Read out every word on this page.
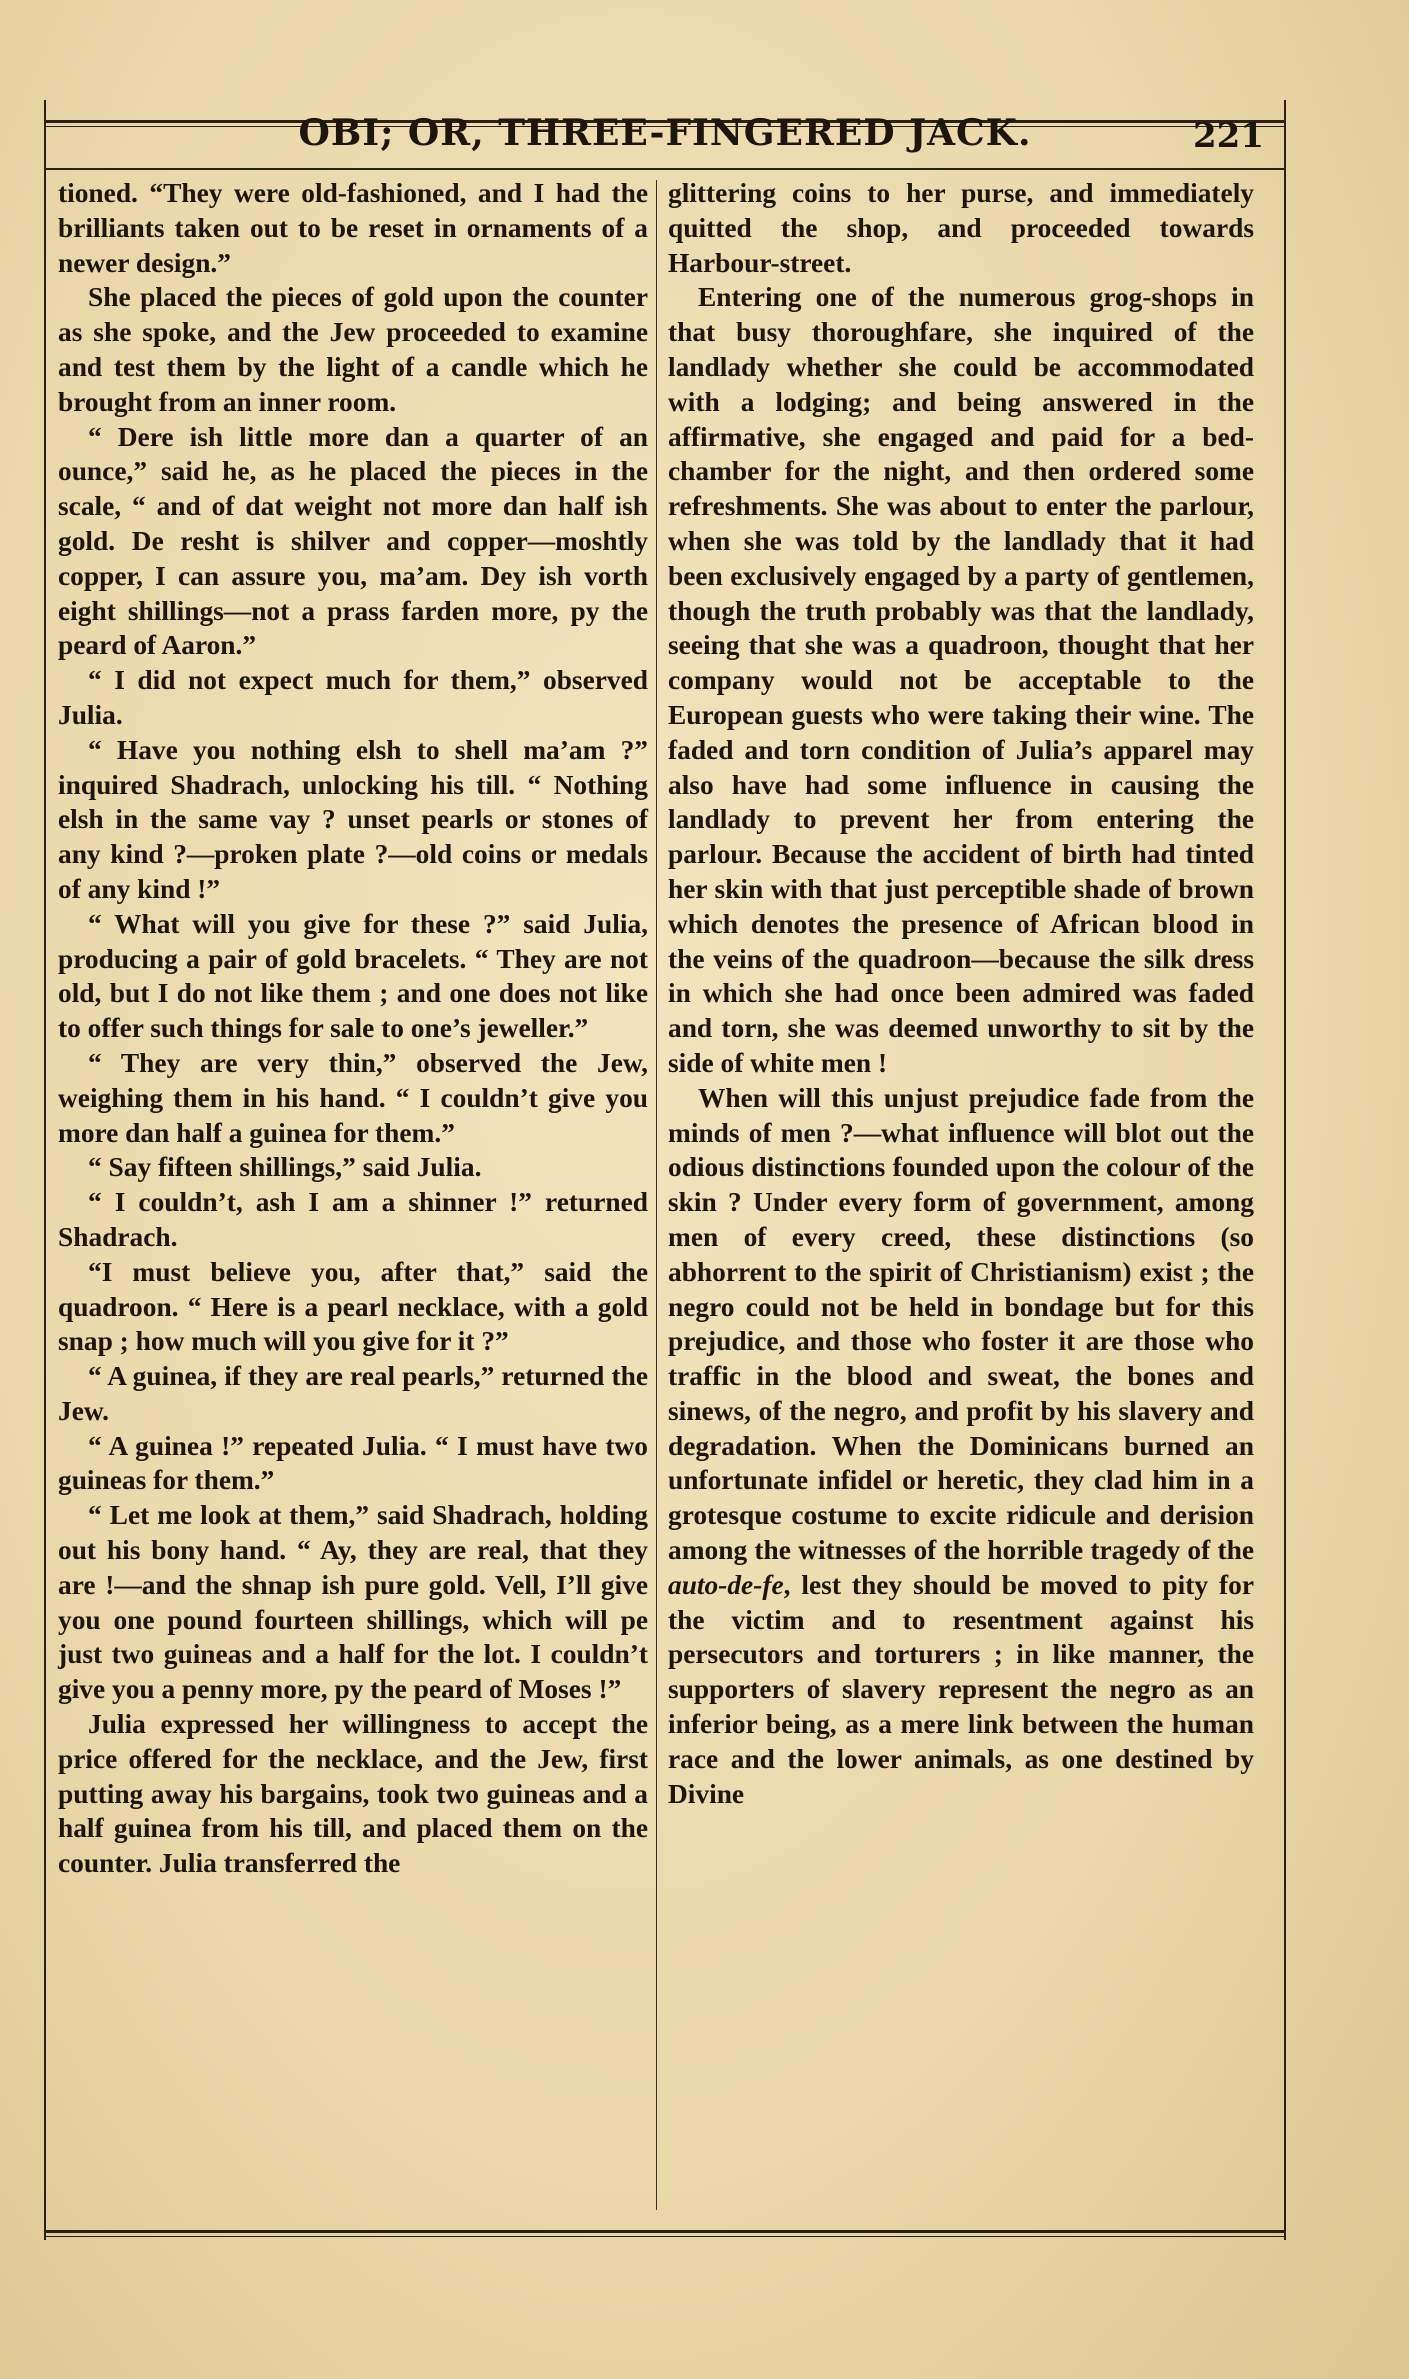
OBI; OR, THREE-FINGERED JACK.	221

tioned. “They were old-fashioned, and I had the brilliants taken out to be reset in ornaments of a newer design.”

She placed the pieces of gold upon the counter as she spoke, and the Jew proceeded to examine and test them by the light of a candle which he brought from an inner room.

“ Dere ish little more dan a quarter of an ounce,” said he, as he placed the pieces in the scale, “ and of dat weight not more dan half ish gold. De resht is shilver and copper—moshtly copper, I can assure you, ma’am. Dey ish vorth eight shillings—not a prass farden more, py the peard of Aaron.”

“ I did not expect much for them,” observed Julia.

“ Have you nothing elsh to shell ma’am ?” inquired Shadrach, unlocking his till. “ Nothing elsh in the same vay ? unset pearls or stones of any kind ?—proken plate ?—old coins or medals of any kind !”

“ What will you give for these ?” said Julia, producing a pair of gold bracelets. “ They are not old, but I do not like them ; and one does not like to offer such things for sale to one’s jeweller.”

“ They are very thin,” observed the Jew, weighing them in his hand. “ I couldn’t give you more dan half a guinea for them.”

“ Say fifteen shillings,” said Julia.

“ I couldn’t, ash I am a shinner !” returned Shadrach.

“I must believe you, after that,” said the quadroon. “ Here is a pearl necklace, with a gold snap ; how much will you give for it ?”

“ A guinea, if they are real pearls,” returned the Jew.

“ A guinea !” repeated Julia. “ I must have two guineas for them.”

“ Let me look at them,” said Shadrach, holding out his bony hand. “ Ay, they are real, that they are !—and the shnap ish pure gold. Vell, I’ll give you one pound fourteen shillings, which will pe just two guineas and a half for the lot. I couldn’t give you a penny more, py the peard of Moses !”

Julia expressed her willingness to accept the price offered for the necklace, and the Jew, first putting away his bargains, took two guineas and a half guinea from his till, and placed them on the counter. Julia transferred the

glittering coins to her purse, and immediately quitted the shop, and proceeded towards Harbour-street.

Entering one of the numerous grog-shops in that busy thoroughfare, she inquired of the landlady whether she could be accommodated with a lodging; and being answered in the affirmative, she engaged and paid for a bed-chamber for the night, and then ordered some refreshments. She was about to enter the parlour, when she was told by the landlady that it had been exclusively engaged by a party of gentlemen, though the truth probably was that the landlady, seeing that she was a quadroon, thought that her company would not be acceptable to the European guests who were taking their wine. The faded and torn condition of Julia’s apparel may also have had some influence in causing the landlady to prevent her from entering the parlour. Because the accident of birth had tinted her skin with that just perceptible shade of brown which denotes the presence of African blood in the veins of the quadroon—because the silk dress in which she had once been admired was faded and torn, she was deemed unworthy to sit by the side of white men !

When will this unjust prejudice fade from the minds of men ?—what influence will blot out the odious distinctions founded upon the colour of the skin ? Under every form of government, among men of every creed, these distinctions (so abhorrent to the spirit of Christianism) exist ; the negro could not be held in bondage but for this prejudice, and those who foster it are those who traffic in the blood and sweat, the bones and sinews, of the negro, and profit by his slavery and degradation. When the Dominicans burned an unfortunate infidel or heretic, they clad him in a grotesque costume to excite ridicule and derision among the witnesses of the horrible tragedy of the auto-de-fe, lest they should be moved to pity for the victim and to resentment against his persecutors and torturers ; in like manner, the supporters of slavery represent the negro as an inferior being, as a mere link between the human race and the lower animals, as one destined by Divine
